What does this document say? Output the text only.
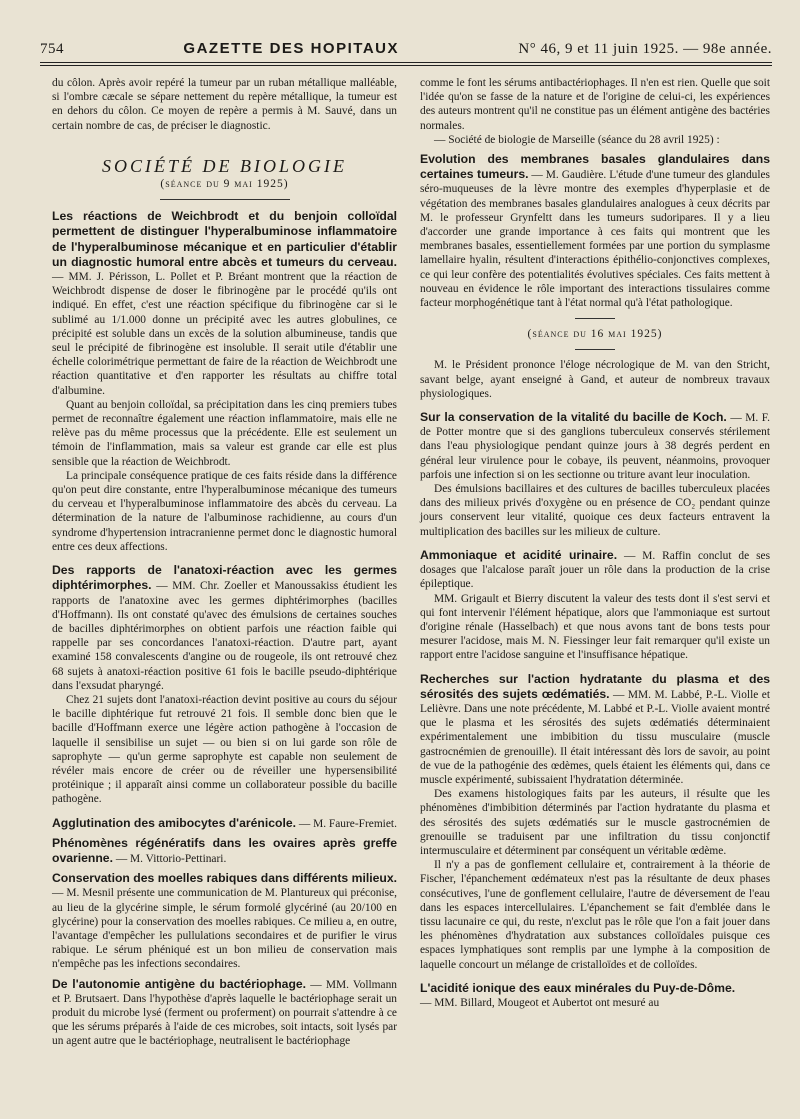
754	GAZETTE DES HOPITAUX	N° 46, 9 et 11 juin 1925. — 98e année.

du côlon. Après avoir repéré la tumeur par un ruban métallique malléable, si l'ombre cæcale se sépare nettement du repère métallique, la tumeur est en dehors du côlon. Ce moyen de repère a permis à M. Sauvé, dans un certain nombre de cas, de préciser le diagnostic.

SOCIÉTÉ DE BIOLOGIE
(séance du 9 mai 1925)

Les réactions de Weichbrodt et du benjoin colloïdal permettent de distinguer l'hyperalbuminose inflammatoire de l'hyperalbuminose mécanique et en particulier d'établir un diagnostic humoral entre abcès et tumeurs du cerveau. — MM. J. Périsson, L. Pollet et P. Bréant montrent que la réaction de Weichbrodt dispense de doser le fibrinogène par le procédé qu'ils ont indiqué. En effet, c'est une réaction spécifique du fibrinogène car si le sublimé au 1/1.000 donne un précipité avec les autres globulines, ce précipité est soluble dans un excès de la solution albumineuse, tandis que seul le précipité de fibrinogène est insoluble. Il serait utile d'établir une échelle colorimétrique permettant de faire de la réaction de Weichbrodt une réaction quantitative et d'en rapporter les résultats au chiffre total d'albumine.

Quant au benjoin colloïdal, sa précipitation dans les cinq premiers tubes permet de reconnaître également une réaction inflammatoire, mais elle ne relève pas du même processus que la précédente. Elle est seulement un témoin de l'inflammation, mais sa valeur est grande car elle est plus sensible que la réaction de Weichbrodt.

La principale conséquence pratique de ces faits réside dans la différence qu'on peut dire constante, entre l'hyperalbuminose mécanique des tumeurs du cerveau et l'hyperalbuminose inflammatoire des abcès du cerveau. La détermination de la nature de l'albuminose rachidienne, au cours d'un syndrome d'hypertension intracranienne permet donc le diagnostic humoral entre ces deux affections.

Des rapports de l'anatoxi-réaction avec les germes diphtérimorphes. — MM. Chr. Zoeller et Manoussakiss étudient les rapports de l'anatoxine avec les germes diphtérimorphes (bacilles d'Hoffmann). Ils ont constaté qu'avec des émulsions de certaines souches de bacilles diphtérimorphes on obtient parfois une réaction faible qui rappelle par ses concordances l'anatoxi-réaction. D'autre part, ayant examiné 158 convalescents d'angine ou de rougeole, ils ont retrouvé chez 68 sujets à anatoxi-réaction positive 61 fois le bacille pseudo-diphtérique dans l'exsudat pharyngé.

Chez 21 sujets dont l'anatoxi-réaction devint positive au cours du séjour le bacille diphtérique fut retrouvé 21 fois. Il semble donc bien que le bacille d'Hoffmann exerce une légère action pathogène à l'occasion de laquelle il sensibilise un sujet — ou bien si on lui garde son rôle de saprophyte — qu'un germe saprophyte est capable non seulement de révéler mais encore de créer ou de réveiller une hypersensibilité protéinique ; il apparaît ainsi comme un collaborateur possible du bacille pathogène.

Agglutination des amibocytes d'arénicole. — M. Faure-Fremiet.

Phénomènes régénératifs dans les ovaires après greffe ovarienne. — M. Vittorio-Pettinari.

Conservation des moelles rabiques dans différents milieux. — M. Mesnil présente une communication de M. Plantureux qui préconise, au lieu de la glycérine simple, le sérum formolé glycériné (au 20/100 en glycérine) pour la conservation des moelles rabiques. Ce milieu a, en outre, l'avantage d'empêcher les pullulations secondaires et de purifier le virus rabique. Le sérum phéniqué est un bon milieu de conservation mais n'empêche pas les infections secondaires.

De l'autonomie antigène du bactériophage. — MM. Vollmann et P. Brutsaert. Dans l'hypothèse d'après laquelle le bactériophage serait un produit du microbe lysé (ferment ou proferment) on pourrait s'attendre à ce que les sérums préparés à l'aide de ces microbes, soit intacts, soit lysés par un agent autre que le bactériophage, neutralisent le bactériophage

comme le font les sérums antibactériophages. Il n'en est rien. Quelle que soit l'idée qu'on se fasse de la nature et de l'origine de celui-ci, les expériences des auteurs montrent qu'il ne constitue pas un élément antigène des bactéries normales.

— Société de biologie de Marseille (séance du 28 avril 1925) :

Evolution des membranes basales glandulaires dans certaines tumeurs. — M. Gaudière. L'étude d'une tumeur des glandules séro-muqueuses de la lèvre montre des exemples d'hyperplasie et de végétation des membranes basales glandulaires analogues à ceux décrits par M. le professeur Grynfeltt dans les tumeurs sudoripares. Il y a lieu d'accorder une grande importance à ces faits qui montrent que les membranes basales, essentiellement formées par une portion du symplasme lamellaire hyalin, résultent d'interactions épithélio-conjonctives complexes, ce qui leur confère des potentialités évolutives spéciales. Ces faits mettent à nouveau en évidence le rôle important des interactions tissulaires comme facteur morphogénétique tant à l'état normal qu'à l'état pathologique.

(séance du 16 mai 1925)

M. le Président prononce l'éloge nécrologique de M. van den Stricht, savant belge, ayant enseigné à Gand, et auteur de nombreux travaux physiologiques.

Sur la conservation de la vitalité du bacille de Koch. — M. F. de Potter montre que si des ganglions tuberculeux conservés stérilement dans l'eau physiologique pendant quinze jours à 38 degrés perdent en général leur virulence pour le cobaye, ils peuvent, néanmoins, provoquer parfois une infection si on les sectionne ou triture avant leur inoculation.

Des émulsions bacillaires et des cultures de bacilles tuberculeux placées dans des milieux privés d'oxygène ou en présence de CO₂ pendant quinze jours conservent leur vitalité, quoique ces deux facteurs entravent la multiplication des bacilles sur les milieux de culture.

Ammoniaque et acidité urinaire. — M. Raffin conclut de ses dosages que l'alcalose paraît jouer un rôle dans la production de la crise épileptique.

MM. Grigault et Bierry discutent la valeur des tests dont il s'est servi et qui font intervenir l'élément hépatique, alors que l'ammoniaque est surtout d'origine rénale (Hasselbach) et que nous avons tant de bons tests pour mesurer l'acidose, mais M. N. Fiessinger leur fait remarquer qu'il existe un rapport entre l'acidose sanguine et l'insuffisance hépatique.

Recherches sur l'action hydratante du plasma et des sérosités des sujets œdématiés. — MM. M. Labbé, P.-L. Violle et Lelièvre. Dans une note précédente, M. Labbé et P.-L. Violle avaient montré que le plasma et les sérosités des sujets œdématiés déterminaient expérimentalement une imbibition du tissu musculaire (muscle gastrocnémien de grenouille). Il était intéressant dès lors de savoir, au point de vue de la pathogénie des œdèmes, quels étaient les éléments qui, dans ce muscle expérimenté, subissaient l'hydratation déterminée.

Des examens histologiques faits par les auteurs, il résulte que les phénomènes d'imbibition déterminés par l'action hydratante du plasma et des sérosités des sujets œdématiés sur le muscle gastrocnémien de grenouille se traduisent par une infiltration du tissu conjonctif intermusculaire et déterminent par conséquent un véritable œdème.

Il n'y a pas de gonflement cellulaire et, contrairement à la théorie de Fischer, l'épanchement œdémateux n'est pas la résultante de deux phases consécutives, l'une de gonflement cellulaire, l'autre de déversement de l'eau dans les espaces intercellulaires. L'épanchement se fait d'emblée dans le tissu lacunaire ce qui, du reste, n'exclut pas le rôle que l'on a fait jouer dans les phénomènes d'hydratation aux substances colloïdales puisque ces espaces lymphatiques sont remplis par une lymphe à la composition de laquelle concourt un mélange de cristalloïdes et de colloïdes.

L'acidité ionique des eaux minérales du Puy-de-Dôme.

— MM. Billard, Mougeot et Aubertot ont mesuré au
